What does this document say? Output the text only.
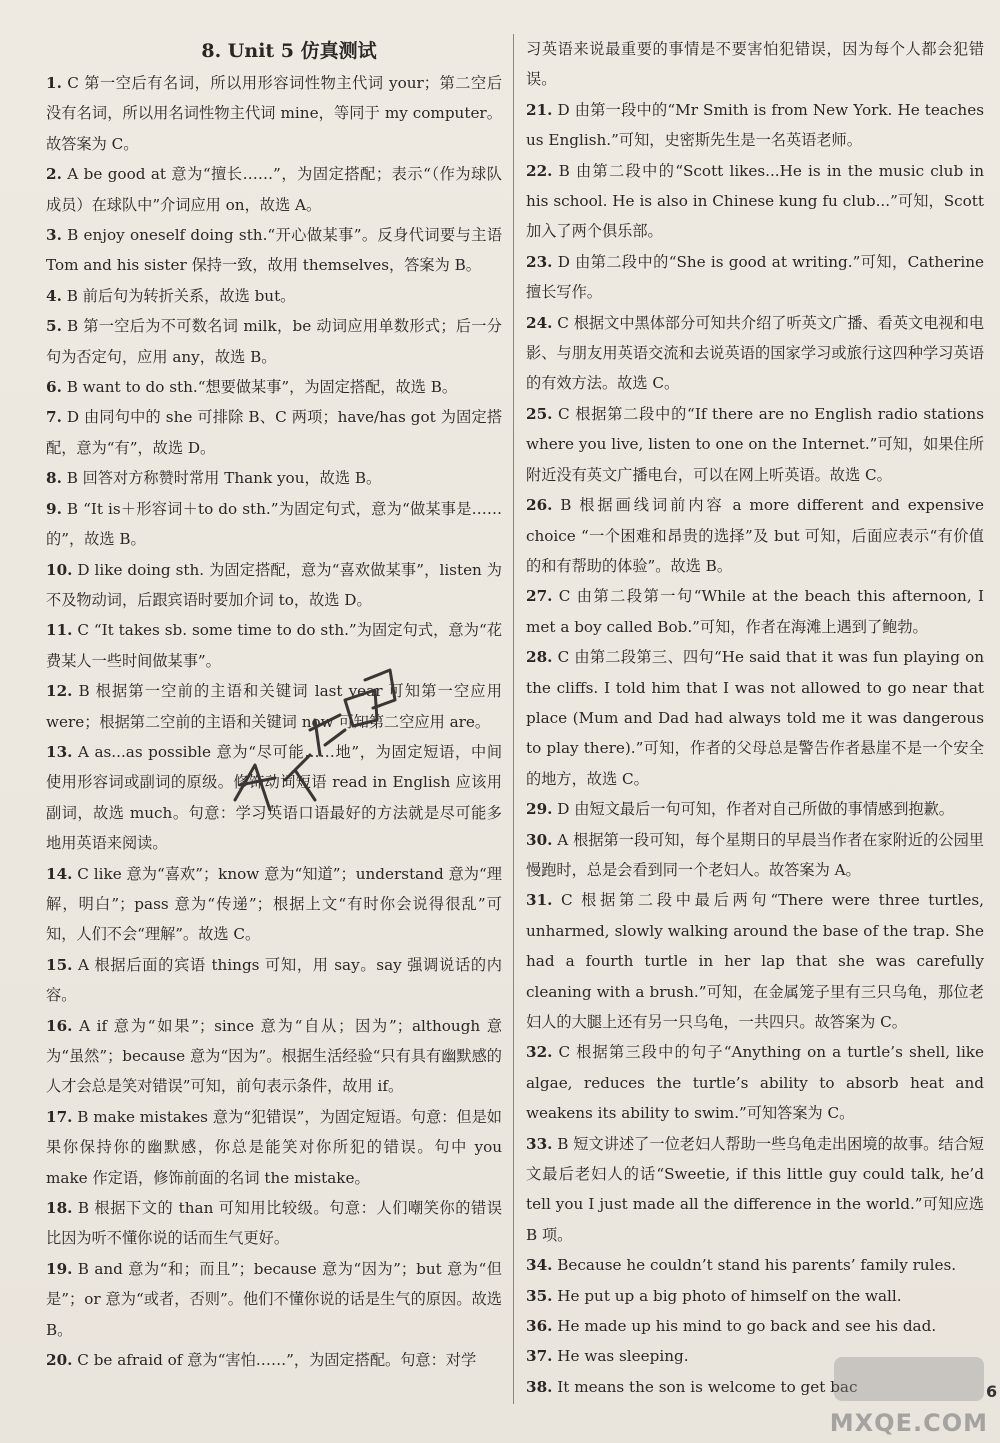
8. Unit 5 仿真测试

1. C 第一空后有名词，所以用形容词性物主代词 your；第二空后没有名词，所以用名词性物主代词 mine，等同于 my computer。故答案为 C。

2. A be good at 意为“擅长……”，为固定搭配；表示“（作为球队成员）在球队中”介词应用 on，故选 A。

3. B enjoy oneself doing sth.“开心做某事”。反身代词要与主语 Tom and his sister 保持一致，故用 themselves，答案为 B。

4. B 前后句为转折关系，故选 but。

5. B 第一空后为不可数名词 milk，be 动词应用单数形式；后一分句为否定句，应用 any，故选 B。

6. B want to do sth.“想要做某事”，为固定搭配，故选 B。

7. D 由同句中的 she 可排除 B、C 两项；have/has got 为固定搭配，意为“有”，故选 D。

8. B 回答对方称赞时常用 Thank you，故选 B。

9. B “It is＋形容词＋to do sth.”为固定句式，意为“做某事是……的”，故选 B。

10. D like doing sth. 为固定搭配，意为“喜欢做某事”，listen 为不及物动词，后跟宾语时要加介词 to，故选 D。

11. C “It takes sb. some time to do sth.”为固定句式，意为“花费某人一些时间做某事”。

12. B 根据第一空前的主语和关键词 last year 可知第一空应用 were；根据第二空前的主语和关键词 now 可知第二空应用 are。

13. A as...as possible 意为“尽可能……地”，为固定短语，中间使用形容词或副词的原级。修饰动词短语 read in English 应该用副词，故选 much。句意：学习英语口语最好的方法就是尽可能多地用英语来阅读。

14. C like 意为“喜欢”；know 意为“知道”；understand 意为“理解，明白”；pass 意为“传递”；根据上文“有时你会说得很乱”可知，人们不会“理解”。故选 C。

15. A 根据后面的宾语 things 可知，用 say。say 强调说话的内容。

16. A if 意为“如果”；since 意为“自从；因为”；although 意为“虽然”；because 意为“因为”。根据生活经验“只有具有幽默感的人才会总是笑对错误”可知，前句表示条件，故用 if。

17. B make mistakes 意为“犯错误”，为固定短语。句意：但是如果你保持你的幽默感，你总是能笑对你所犯的错误。句中 you make 作定语，修饰前面的名词 the mistake。

18. B 根据下文的 than 可知用比较级。句意：人们嘲笑你的错误比因为听不懂你说的话而生气更好。

19. B and 意为“和；而且”；because 意为“因为”；but 意为“但是”；or 意为“或者，否则”。他们不懂你说的话是生气的原因。故选 B。

20. C be afraid of 意为“害怕……”，为固定搭配。句意：对学

习英语来说最重要的事情是不要害怕犯错误，因为每个人都会犯错误。

21. D 由第一段中的“Mr Smith is from New York. He teaches us English.”可知，史密斯先生是一名英语老师。

22. B 由第二段中的“Scott likes...He is in the music club in his school. He is also in Chinese kung fu club...”可知，Scott 加入了两个俱乐部。

23. D 由第二段中的“She is good at writing.”可知，Catherine 擅长写作。

24. C 根据文中黑体部分可知共介绍了听英文广播、看英文电视和电影、与朋友用英语交流和去说英语的国家学习或旅行这四种学习英语的有效方法。故选 C。

25. C 根据第二段中的“If there are no English radio stations where you live, listen to one on the Internet.”可知，如果住所附近没有英文广播电台，可以在网上听英语。故选 C。

26. B 根据画线词前内容 a more different and expensive choice “一个困难和昂贵的选择”及 but 可知，后面应表示“有价值的和有帮助的体验”。故选 B。

27. C 由第二段第一句“While at the beach this afternoon, I met a boy called Bob.”可知，作者在海滩上遇到了鲍勃。

28. C 由第二段第三、四句“He said that it was fun playing on the cliffs. I told him that I was not allowed to go near that place (Mum and Dad had always told me it was dangerous to play there).”可知，作者的父母总是警告作者悬崖不是一个安全的地方，故选 C。

29. D 由短文最后一句可知，作者对自己所做的事情感到抱歉。

30. A 根据第一段可知，每个星期日的早晨当作者在家附近的公园里慢跑时，总是会看到同一个老妇人。故答案为 A。

31. C 根据第二段中最后两句“There were three turtles, unharmed, slowly walking around the base of the trap. She had a fourth turtle in her lap that she was carefully cleaning with a brush.”可知，在金属笼子里有三只乌龟，那位老妇人的大腿上还有另一只乌龟，一共四只。故答案为 C。

32. C 根据第三段中的句子“Anything on a turtle’s shell, like algae, reduces the turtle’s ability to absorb heat and weakens its ability to swim.”可知答案为 C。

33. B 短文讲述了一位老妇人帮助一些乌龟走出困境的故事。结合短文最后老妇人的话“Sweetie, if this little guy could talk, he’d tell you I just made all the difference in the world.”可知应选 B 项。

34. Because he couldn’t stand his parents’ family rules.

35. He put up a big photo of himself on the wall.

36. He made up his mind to go back and see his dad.

37. He was sleeping.

38. It means the son is welcome to get bac

MXQE.COM
6
